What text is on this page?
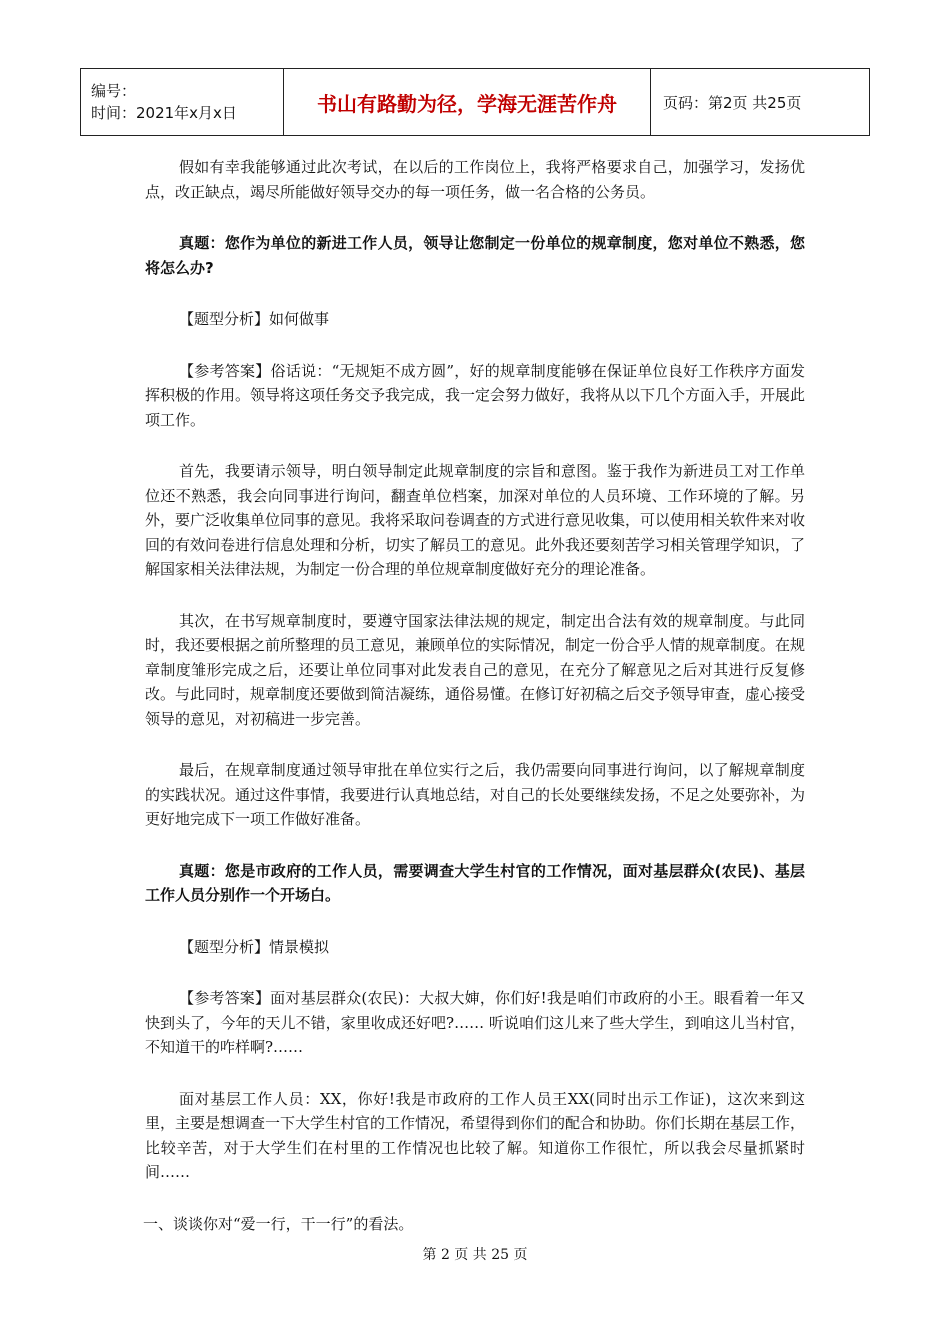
编号：
时间：2021年x月x日	书山有路勤为径，学海无涯苦作舟	页码：第2页 共25页

假如有幸我能够通过此次考试，在以后的工作岗位上，我将严格要求自己，加强学习，发扬优点，改正缺点，竭尽所能做好领导交办的每一项任务，做一名合格的公务员。

真题：您作为单位的新进工作人员，领导让您制定一份单位的规章制度，您对单位不熟悉，您将怎么办?

【题型分析】如何做事

【参考答案】俗话说：“无规矩不成方圆”，好的规章制度能够在保证单位良好工作秩序方面发挥积极的作用。领导将这项任务交予我完成，我一定会努力做好，我将从以下几个方面入手，开展此项工作。

首先，我要请示领导，明白领导制定此规章制度的宗旨和意图。鉴于我作为新进员工对工作单位还不熟悉，我会向同事进行询问，翻查单位档案，加深对单位的人员环境、工作环境的了解。另外，要广泛收集单位同事的意见。我将采取问卷调查的方式进行意见收集，可以使用相关软件来对收回的有效问卷进行信息处理和分析，切实了解员工的意见。此外我还要刻苦学习相关管理学知识，了解国家相关法律法规，为制定一份合理的单位规章制度做好充分的理论准备。

其次，在书写规章制度时，要遵守国家法律法规的规定，制定出合法有效的规章制度。与此同时，我还要根据之前所整理的员工意见，兼顾单位的实际情况，制定一份合乎人情的规章制度。在规章制度雏形完成之后，还要让单位同事对此发表自己的意见，在充分了解意见之后对其进行反复修改。与此同时，规章制度还要做到简洁凝练，通俗易懂。在修订好初稿之后交予领导审查，虚心接受领导的意见，对初稿进一步完善。

最后，在规章制度通过领导审批在单位实行之后，我仍需要向同事进行询问，以了解规章制度的实践状况。通过这件事情，我要进行认真地总结，对自己的长处要继续发扬，不足之处要弥补，为更好地完成下一项工作做好准备。

真题：您是市政府的工作人员，需要调查大学生村官的工作情况，面对基层群众(农民)、基层工作人员分别作一个开场白。

【题型分析】情景模拟

【参考答案】面对基层群众(农民)：大叔大婶，你们好!我是咱们市政府的小王。眼看着一年又快到头了，今年的天儿不错，家里收成还好吧?…… 听说咱们这儿来了些大学生，到咱这儿当村官，不知道干的咋样啊?……

面对基层工作人员：XX，你好!我是市政府的工作人员王XX(同时出示工作证)，这次来到这里，主要是想调查一下大学生村官的工作情况，希望得到你们的配合和协助。你们长期在基层工作，比较辛苦，对于大学生们在村里的工作情况也比较了解。知道你工作很忙，所以我会尽量抓紧时间……

一、谈谈你对“爱一行，干一行”的看法。

第 2 页 共 25 页
